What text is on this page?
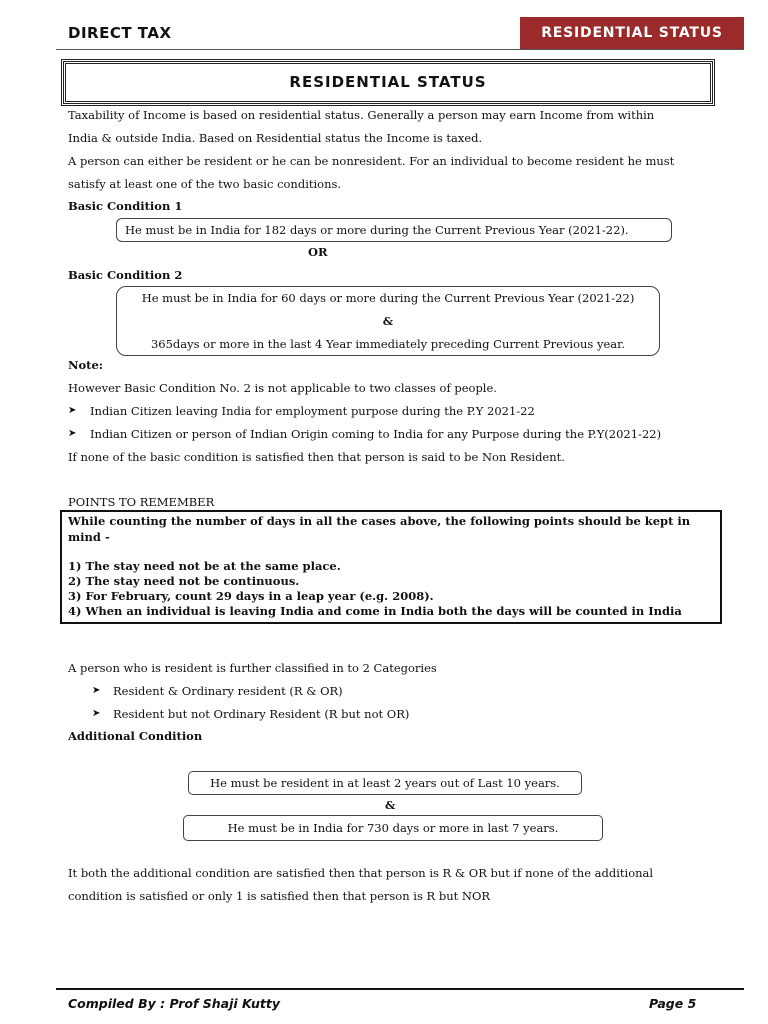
DIRECT TAX	RESIDENTIAL STATUS
RESIDENTIAL STATUS
Taxability of Income is based on residential status. Generally a person may earn Income from within
India & outside India. Based on Residential status the Income is taxed.
A person can either be resident or he can be nonresident. For an individual to become resident he must
satisfy at least one of the two basic conditions.
Basic Condition 1
He must be in India for 182 days or more during the Current Previous Year (2021-22).
OR
Basic Condition 2
He must be in India for 60 days or more during the Current Previous Year (2021-22)
&
365days or more in the last 4 Year immediately preceding Current Previous year.
Note:
However Basic Condition No. 2 is not applicable to two classes of people.
➤ Indian Citizen leaving India for employment purpose during the P.Y 2021-22
➤ Indian Citizen or person of Indian Origin coming to India for any Purpose during the P.Y(2021-22)
If none of the basic condition is satisfied then that person is said to be Non Resident.
POINTS TO REMEMBER
While counting the number of days in all the cases above, the following points should be kept in
mind -
1) The stay need not be at the same place.
2) The stay need not be continuous.
3) For February, count 29 days in a leap year (e.g. 2008).
4) When an individual is leaving India and come in India both the days will be counted in India
A person who is resident is further classified in to 2 Categories
➤ Resident & Ordinary resident (R & OR)
➤ Resident but not Ordinary Resident (R but not OR)
Additional Condition
He must be resident in at least 2 years out of Last 10 years.
&
He must be in India for 730 days or more in last 7 years.
It both the additional condition are satisfied then that person is R & OR but if none of the additional
condition is satisfied or only 1 is satisfied then that person is R but NOR
Compiled By : Prof Shaji Kutty	Page 5
